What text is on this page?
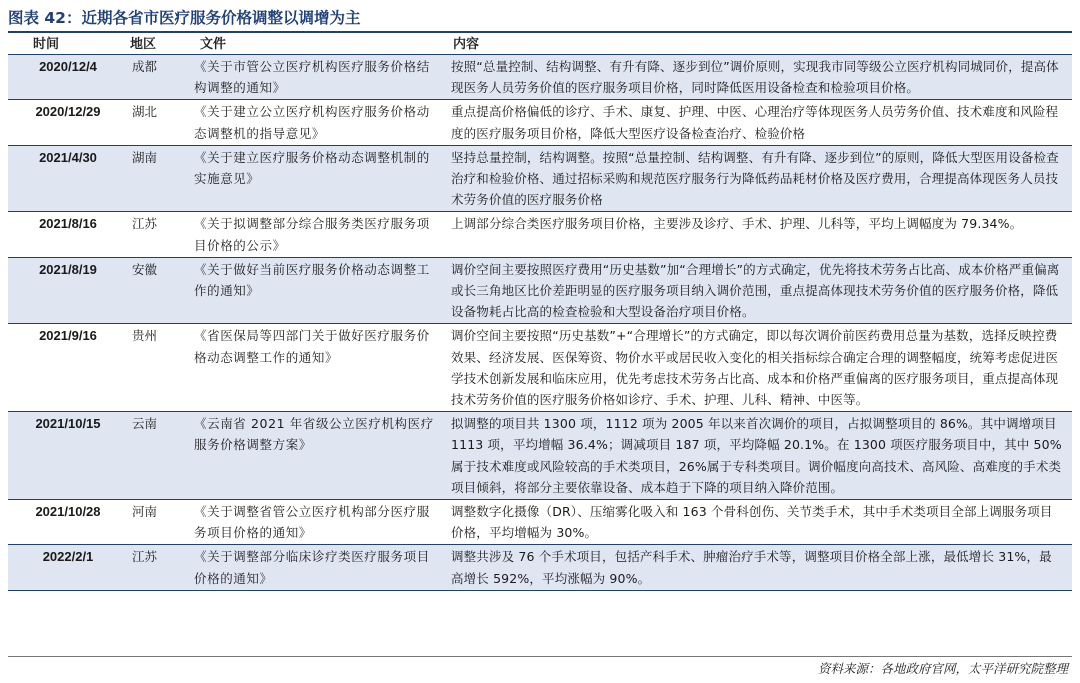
图表 42：近期各省市医疗服务价格调整以调增为主
时间	地区	文件	内容
2020/12/4	成都	《关于市管公立医疗机构医疗服务价格结构调整的通知》	按照“总量控制、结构调整、有升有降、逐步到位”调价原则，实现我市同等级公立医疗机构同城同价，提高体现医务人员劳务价值的医疗服务项目价格，同时降低医用设备检查和检验项目价格。
2020/12/29	湖北	《关于建立公立医疗机构医疗服务价格动态调整机的指导意见》	重点提高价格偏低的诊疗、手术、康复、护理、中医、心理治疗等体现医务人员劳务价值、技术难度和风险程度的医疗服务项目价格，降低大型医疗设备检查治疗、检验价格
2021/4/30	湖南	《关于建立医疗服务价格动态调整机制的实施意见》	坚持总量控制，结构调整。按照“总量控制、结构调整、有升有降、逐步到位”的原则，降低大型医用设备检查治疗和检验价格、通过招标采购和规范医疗服务行为降低药品耗材价格及医疗费用，合理提高体现医务人员技术劳务价值的医疗服务价格
2021/8/16	江苏	《关于拟调整部分综合服务类医疗服务项目价格的公示》	上调部分综合类医疗服务项目价格，主要涉及诊疗、手术、护理、儿科等，平均上调幅度为 79.34%。
2021/8/19	安徽	《关于做好当前医疗服务价格动态调整工作的通知》	调价空间主要按照医疗费用“历史基数”加“合理增长”的方式确定，优先将技术劳务占比高、成本价格严重偏离或长三角地区比价差距明显的医疗服务项目纳入调价范围，重点提高体现技术劳务价值的医疗服务价格，降低设备物耗占比高的检查检验和大型设备治疗项目价格。
2021/9/16	贵州	《省医保局等四部门关于做好医疗服务价格动态调整工作的通知》	调价空间主要按照“历史基数”+“合理增长”的方式确定，即以每次调价前医药费用总量为基数，选择反映控费效果、经济发展、医保筹资、物价水平或居民收入变化的相关指标综合确定合理的调整幅度，统筹考虑促进医学技术创新发展和临床应用，优先考虑技术劳务占比高、成本和价格严重偏离的医疗服务项目，重点提高体现技术劳务价值的医疗服务价格如诊疗、手术、护理、儿科、精神、中医等。
2021/10/15	云南	《云南省 2021 年省级公立医疗机构医疗服务价格调整方案》	拟调整的项目共 1300 项，1112 项为 2005 年以来首次调价的项目，占拟调整项目的 86%。其中调增项目 1113 项，平均增幅 36.4%；调减项目 187 项，平均降幅 20.1%。在 1300 项医疗服务项目中，其中 50%属于技术难度或风险较高的手术类项目，26%属于专科类项目。调价幅度向高技术、高风险、高难度的手术类项目倾斜，将部分主要依靠设备、成本趋于下降的项目纳入降价范围。
2021/10/28	河南	《关于调整省管公立医疗机构部分医疗服务项目价格的通知》	调整数字化摄像（DR）、压缩雾化吸入和 163 个骨科创伤、关节类手术，其中手术类项目全部上调服务项目价格，平均增幅为 30%。
2022/2/1	江苏	《关于调整部分临床诊疗类医疗服务项目价格的通知》	调整共涉及 76 个手术项目，包括产科手术、肿瘤治疗手术等，调整项目价格全部上涨，最低增长 31%，最高增长 592%，平均涨幅为 90%。
资料来源：各地政府官网，太平洋研究院整理
